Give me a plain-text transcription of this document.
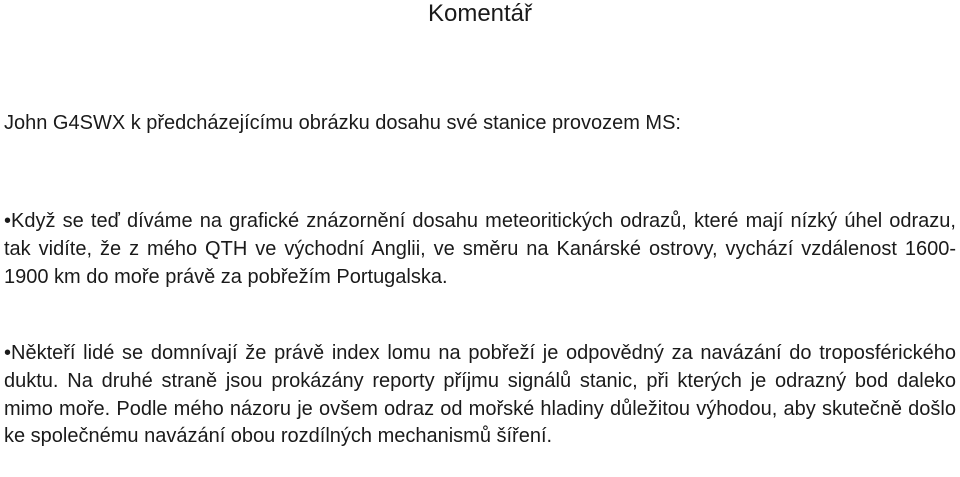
Komentář

John G4SWX k předcházejícímu obrázku dosahu své stanice provozem MS:

•Když se teď díváme na grafické znázornění dosahu meteoritických odrazů, které mají nízký úhel odrazu, tak vidíte, že z mého QTH ve východní Anglii, ve směru na Kanárské ostrovy, vychází vzdálenost 1600-1900 km do moře právě za pobřežím Portugalska.

•Někteří lidé se domnívají že právě index lomu na pobřeží je odpovědný za navázání do troposférického duktu. Na druhé straně jsou prokázány reporty příjmu signálů stanic, při kterých je odrazný bod daleko mimo moře. Podle mého názoru je ovšem odraz od mořské hladiny důležitou výhodou, aby skutečně došlo ke společnému navázání obou rozdílných mechanismů šíření.
